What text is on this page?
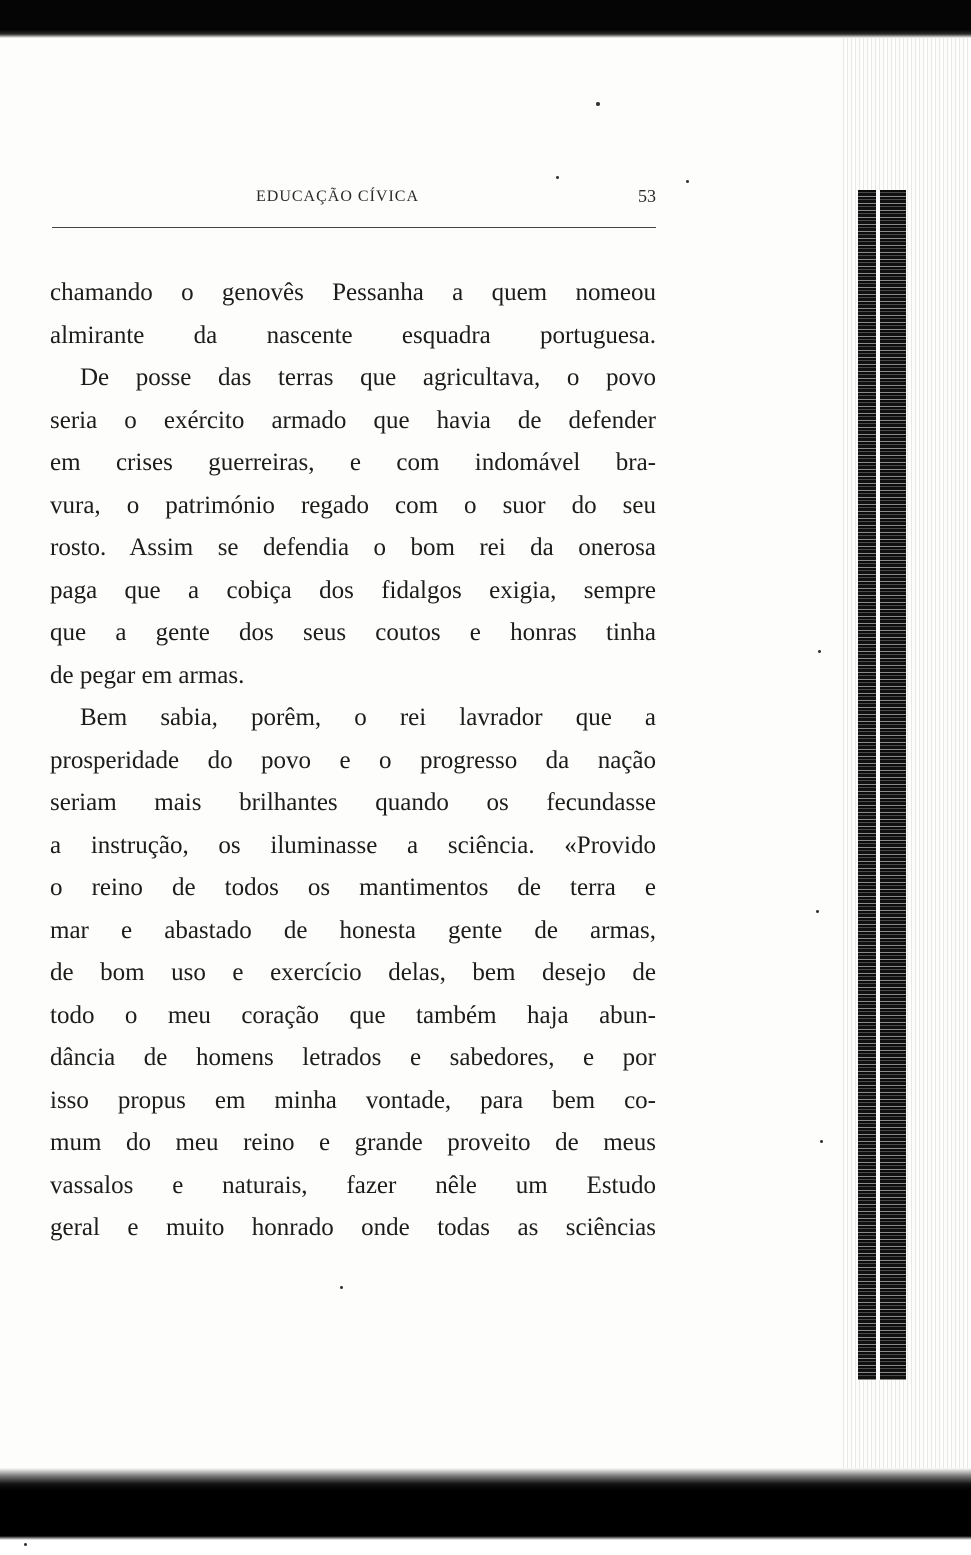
EDUCAÇÃO CÍVICA	53
chamando o genovês Pessanha a quem nomeou
almirante da nascente esquadra portuguesa.
De posse das terras que agricultava, o povo
seria o exército armado que havia de defender
em crises guerreiras, e com indomável bra-
vura, o património regado com o suor do seu
rosto. Assim se defendia o bom rei da onerosa
paga que a cobiça dos fidalgos exigia, sempre
que a gente dos seus coutos e honras tinha
de pegar em armas.
Bem sabia, porêm, o rei lavrador que a
prosperidade do povo e o progresso da nação
seriam mais brilhantes quando os fecundasse
a instrução, os iluminasse a sciência. «Provido
o reino de todos os mantimentos de terra e
mar e abastado de honesta gente de armas,
de bom uso e exercício delas, bem desejo de
todo o meu coração que também haja abun-
dância de homens letrados e sabedores, e por
isso propus em minha vontade, para bem co-
mum do meu reino e grande proveito de meus
vassalos e naturais, fazer nêle um Estudo
geral e muito honrado onde todas as sciências
